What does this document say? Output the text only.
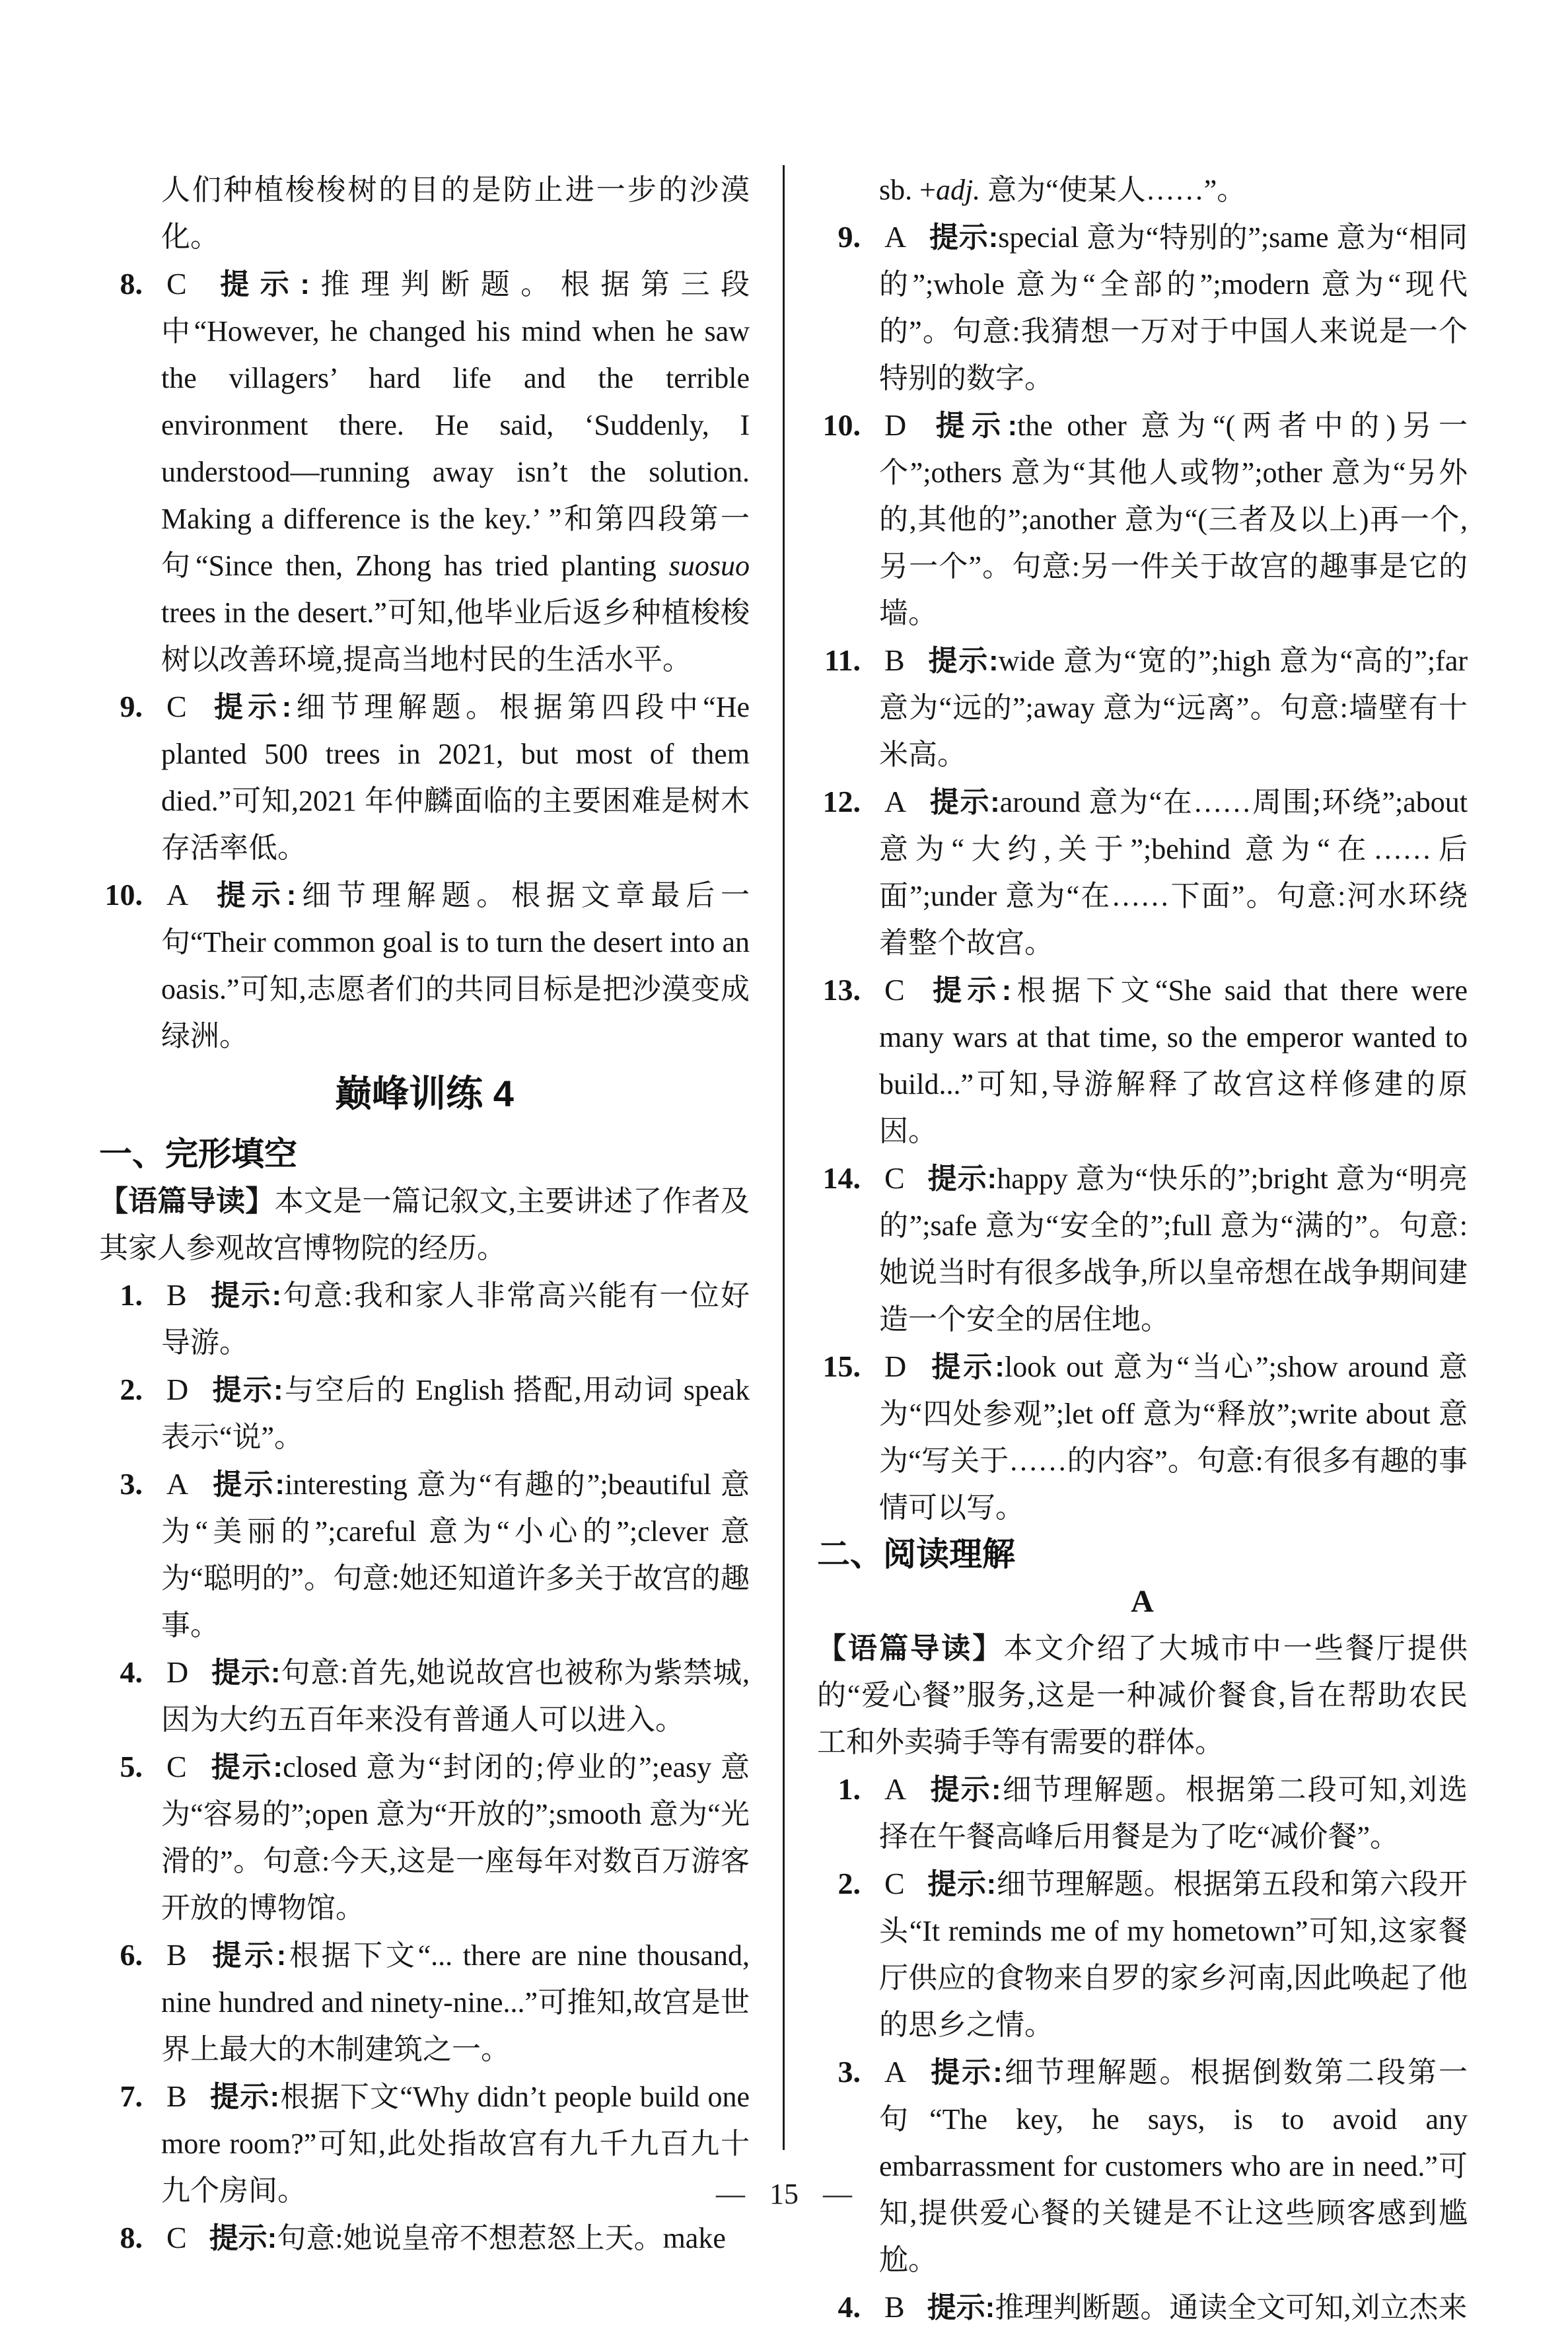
人们种植梭梭树的目的是防止进一步的沙漠化。
8. C 提示:推理判断题。根据第三段中“However, he changed his mind when he saw the villagers’ hard life and the terrible environment there. He said, ‘Suddenly, I understood—running away isn’t the solution. Making a difference is the key.’ ”和第四段第一句“Since then, Zhong has tried planting suosuo trees in the desert.”可知,他毕业后返乡种植梭梭树以改善环境,提高当地村民的生活水平。
9. C 提示:细节理解题。根据第四段中“He planted 500 trees in 2021, but most of them died.”可知,2021 年仲麟面临的主要困难是树木存活率低。
10. A 提示:细节理解题。根据文章最后一句“Their common goal is to turn the desert into an oasis.”可知,志愿者们的共同目标是把沙漠变成绿洲。
巅峰训练 4
一、完形填空
【语篇导读】本文是一篇记叙文,主要讲述了作者及其家人参观故宫博物院的经历。
1. B 提示:句意:我和家人非常高兴能有一位好导游。
2. D 提示:与空后的 English 搭配,用动词 speak 表示“说”。
3. A 提示:interesting 意为“有趣的”;beautiful 意为“美丽的”;careful 意为“小心的”;clever 意为“聪明的”。句意:她还知道许多关于故宫的趣事。
4. D 提示:句意:首先,她说故宫也被称为紫禁城,因为大约五百年来没有普通人可以进入。
5. C 提示:closed 意为“封闭的;停业的”;easy 意为“容易的”;open 意为“开放的”;smooth 意为“光滑的”。句意:今天,这是一座每年对数百万游客开放的博物馆。
6. B 提示:根据下文“... there are nine thousand, nine hundred and ninety-nine...”可推知,故宫是世界上最大的木制建筑之一。
7. B 提示:根据下文“Why didn’t people build one more room?”可知,此处指故宫有九千九百九十九个房间。
8. C 提示:句意:她说皇帝不想惹怒上天。make
sb. +adj. 意为“使某人……”。
9. A 提示:special 意为“特别的”;same 意为“相同的”;whole 意为“全部的”;modern 意为“现代的”。句意:我猜想一万对于中国人来说是一个特别的数字。
10. D 提示:the other 意为“(两者中的)另一个”;others 意为“其他人或物”;other 意为“另外的,其他的”;another 意为“(三者及以上)再一个,另一个”。句意:另一件关于故宫的趣事是它的墙。
11. B 提示:wide 意为“宽的”;high 意为“高的”;far 意为“远的”;away 意为“远离”。句意:墙壁有十米高。
12. A 提示:around 意为“在……周围;环绕”;about 意为“大约,关于”;behind 意为“在……后面”;under 意为“在……下面”。句意:河水环绕着整个故宫。
13. C 提示:根据下文“She said that there were many wars at that time, so the emperor wanted to build...”可知,导游解释了故宫这样修建的原因。
14. C 提示:happy 意为“快乐的”;bright 意为“明亮的”;safe 意为“安全的”;full 意为“满的”。句意:她说当时有很多战争,所以皇帝想在战争期间建造一个安全的居住地。
15. D 提示:look out 意为“当心”;show around 意为“四处参观”;let off 意为“释放”;write about 意为“写关于……的内容”。句意:有很多有趣的事情可以写。
二、阅读理解
A
【语篇导读】本文介绍了大城市中一些餐厅提供的“爱心餐”服务,这是一种减价餐食,旨在帮助农民工和外卖骑手等有需要的群体。
1. A 提示:细节理解题。根据第二段可知,刘选择在午餐高峰后用餐是为了吃“减价餐”。
2. C 提示:细节理解题。根据第五段和第六段开头“It reminds me of my hometown”可知,这家餐厅供应的食物来自罗的家乡河南,因此唤起了他的思乡之情。
3. A 提示:细节理解题。根据倒数第二段第一句“The key, he says, is to avoid any embarrassment for customers who are in need.”可知,提供爱心餐的关键是不让这些顾客感到尴尬。
4. B 提示:推理判断题。通读全文可知,刘立杰来
— 15 —
